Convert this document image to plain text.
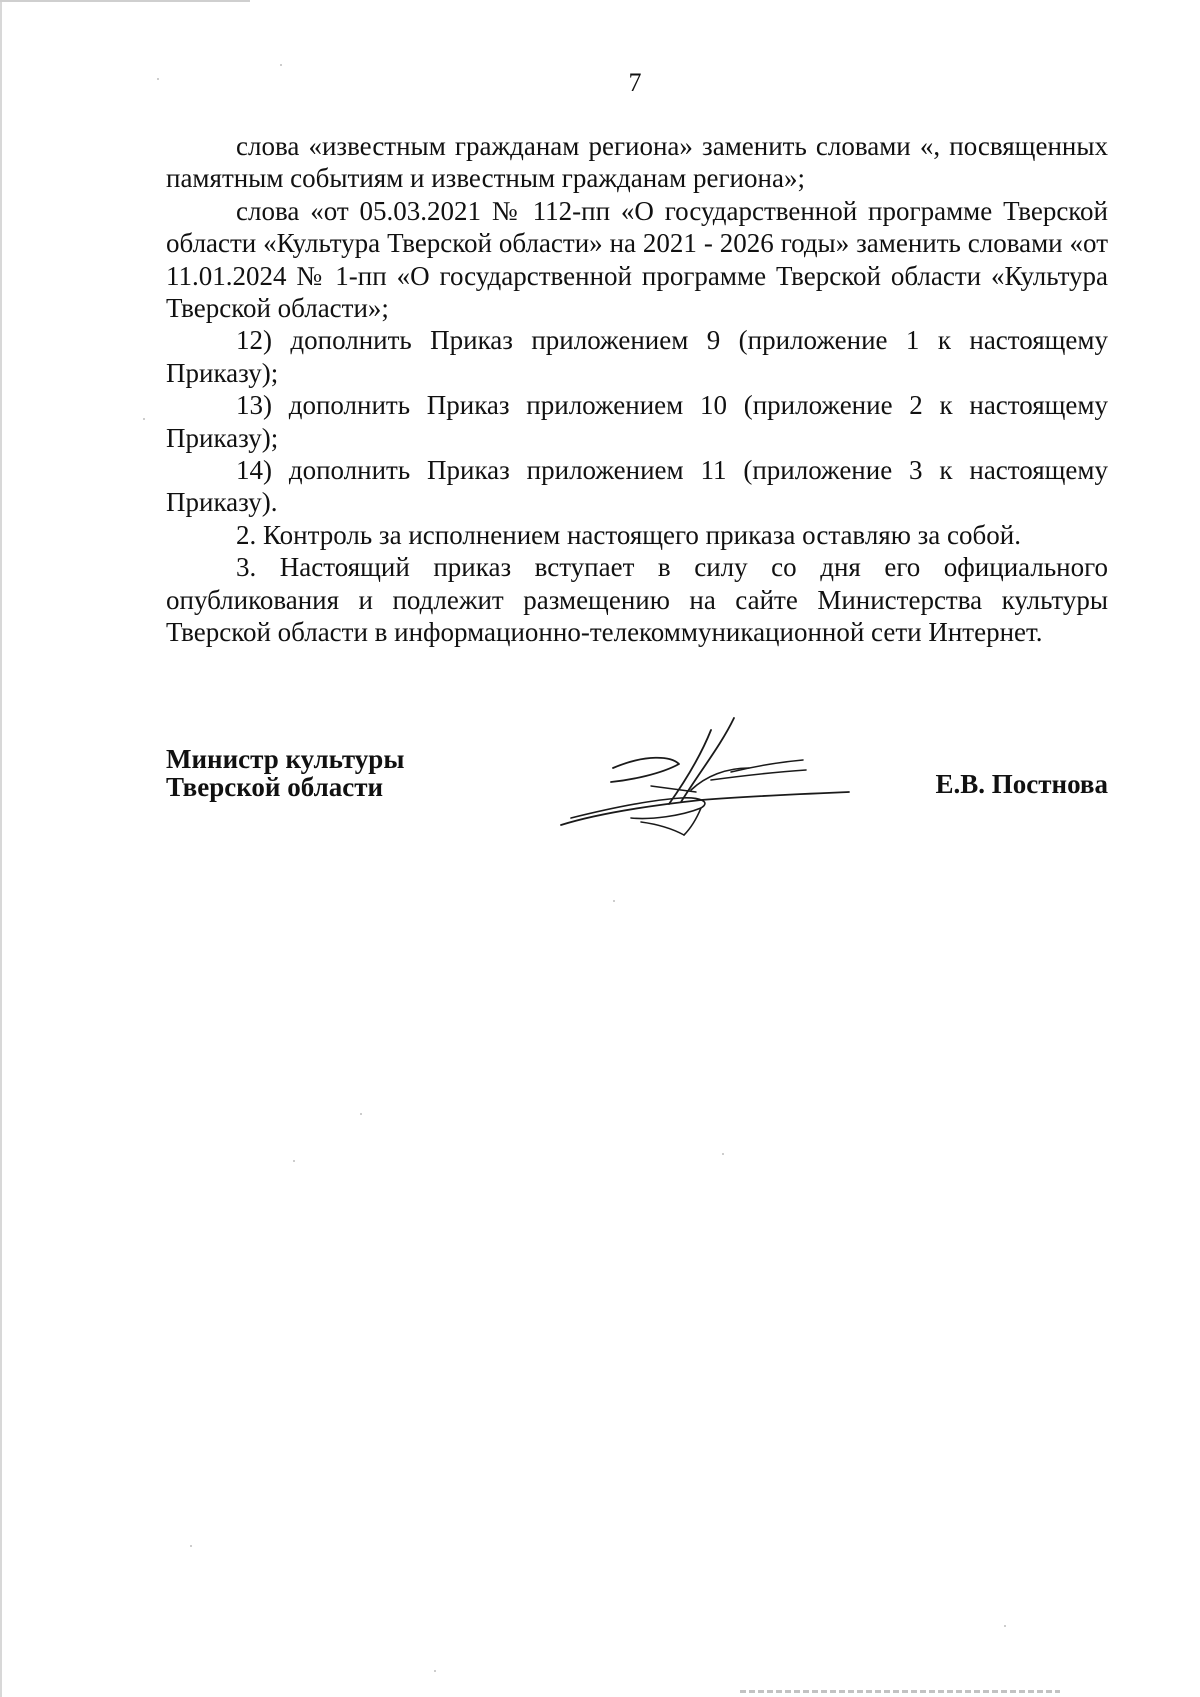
7

слова «известным гражданам региона» заменить словами «, посвященных памятным событиям и известным гражданам региона»;

слова «от 05.03.2021 № 112-пп «О государственной программе Тверской области «Культура Тверской области» на 2021 - 2026 годы» заменить словами «от 11.01.2024 № 1-пп «О государственной программе Тверской области «Культура Тверской области»;

12) дополнить Приказ приложением 9 (приложение 1 к настоящему Приказу);

13) дополнить Приказ приложением 10 (приложение 2 к настоящему Приказу);

14) дополнить Приказ приложением 11 (приложение 3 к настоящему Приказу).

2. Контроль за исполнением настоящего приказа оставляю за собой.

3. Настоящий приказ вступает в силу со дня его официального опубликования и подлежит размещению на сайте Министерства культуры Тверской области в информационно-телекоммуникационной сети Интернет.

Министр культуры
Тверской области	Е.В. Постнова
